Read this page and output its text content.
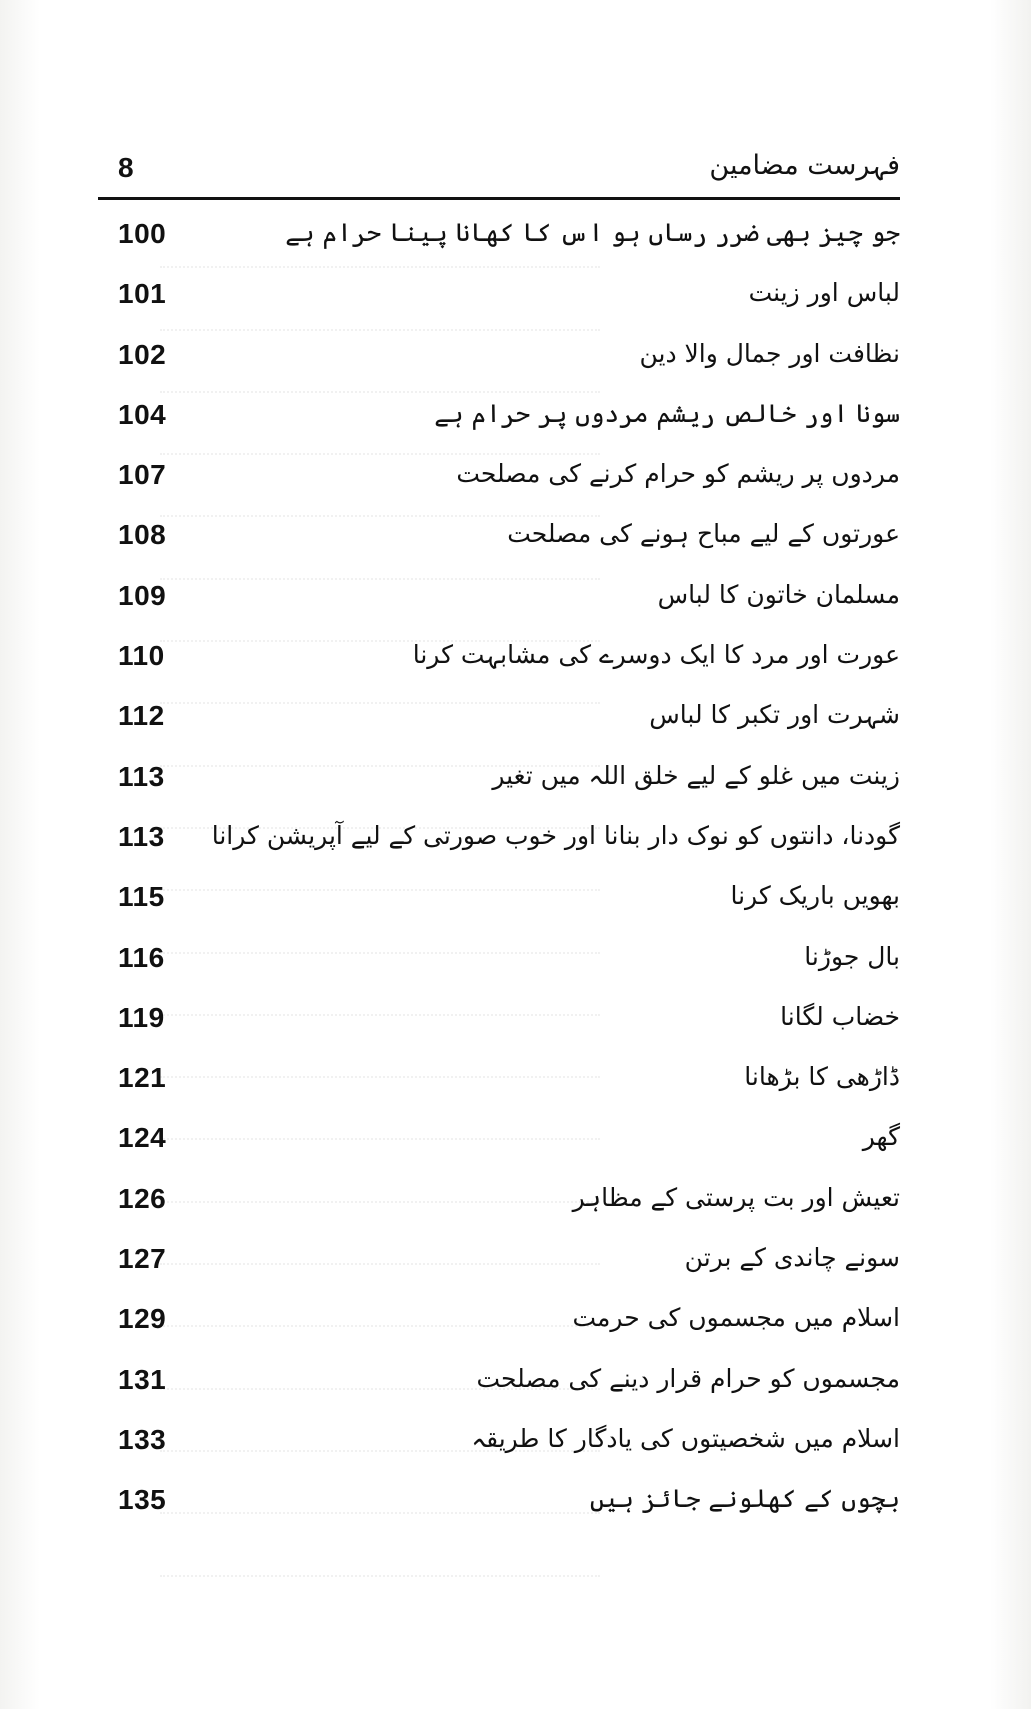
8	فہرست مضامین
100	جو چیز بھی ضرر رساں ہو اس کا کھانا پینا حرام ہے
101	لباس اور زینت
102	نظافت اور جمال والا دین
104	سونا اور خالص ریشم مردوں پر حرام ہے
107	مردوں پر ریشم کو حرام کرنے کی مصلحت
108	عورتوں کے لیے مباح ہونے کی مصلحت
109	مسلمان خاتون کا لباس
110	عورت اور مرد کا ایک دوسرے کی مشابہت کرنا
112	شہرت اور تکبر کا لباس
113	زینت میں غلو کے لیے خلق اللہ میں تغیر
113 گودنا، دانتوں کو نوک دار بنانا اور خوب صورتی کے لیے آپریشن کرانا
115	بھویں باریک کرنا
116	بال جوڑنا
119	خضاب لگانا
121	ڈاڑھی کا بڑھانا
124	گھر
126	تعیش اور بت پرستی کے مظاہر
127	سونے چاندی کے برتن
129	اسلام میں مجسموں کی حرمت
131	مجسموں کو حرام قرار دینے کی مصلحت
133	اسلام میں شخصیتوں کی یادگار کا طریقہ
135	بچوں کے کھلونے جائز ہیں
